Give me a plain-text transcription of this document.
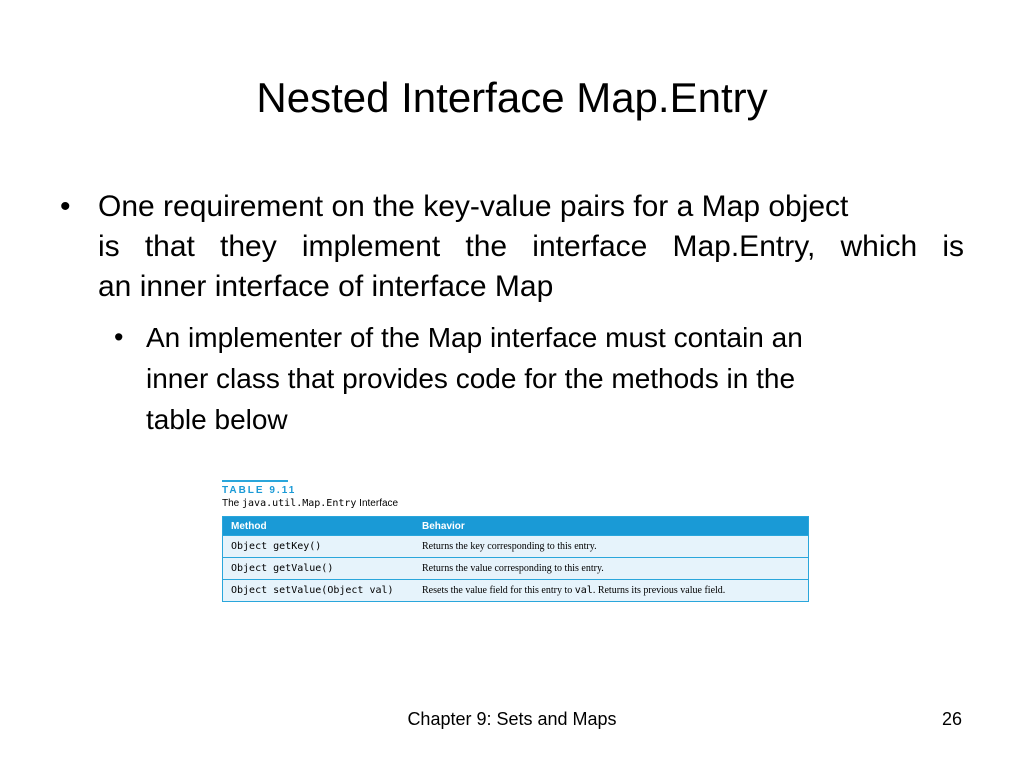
Nested Interface Map.Entry
• One requirement on the key-value pairs for a Map object
is that they implement the interface Map.Entry, which is
an inner interface of interface Map
• An implementer of the Map interface must contain an
inner class that provides code for the methods in the
table below
TABLE 9.11
The java.util.Map.Entry Interface
Method	Behavior
Object getKey()	Returns the key corresponding to this entry.
Object getValue()	Returns the value corresponding to this entry.
Object setValue(Object val)	Resets the value field for this entry to val. Returns its previous value field.
Chapter 9: Sets and Maps	26
